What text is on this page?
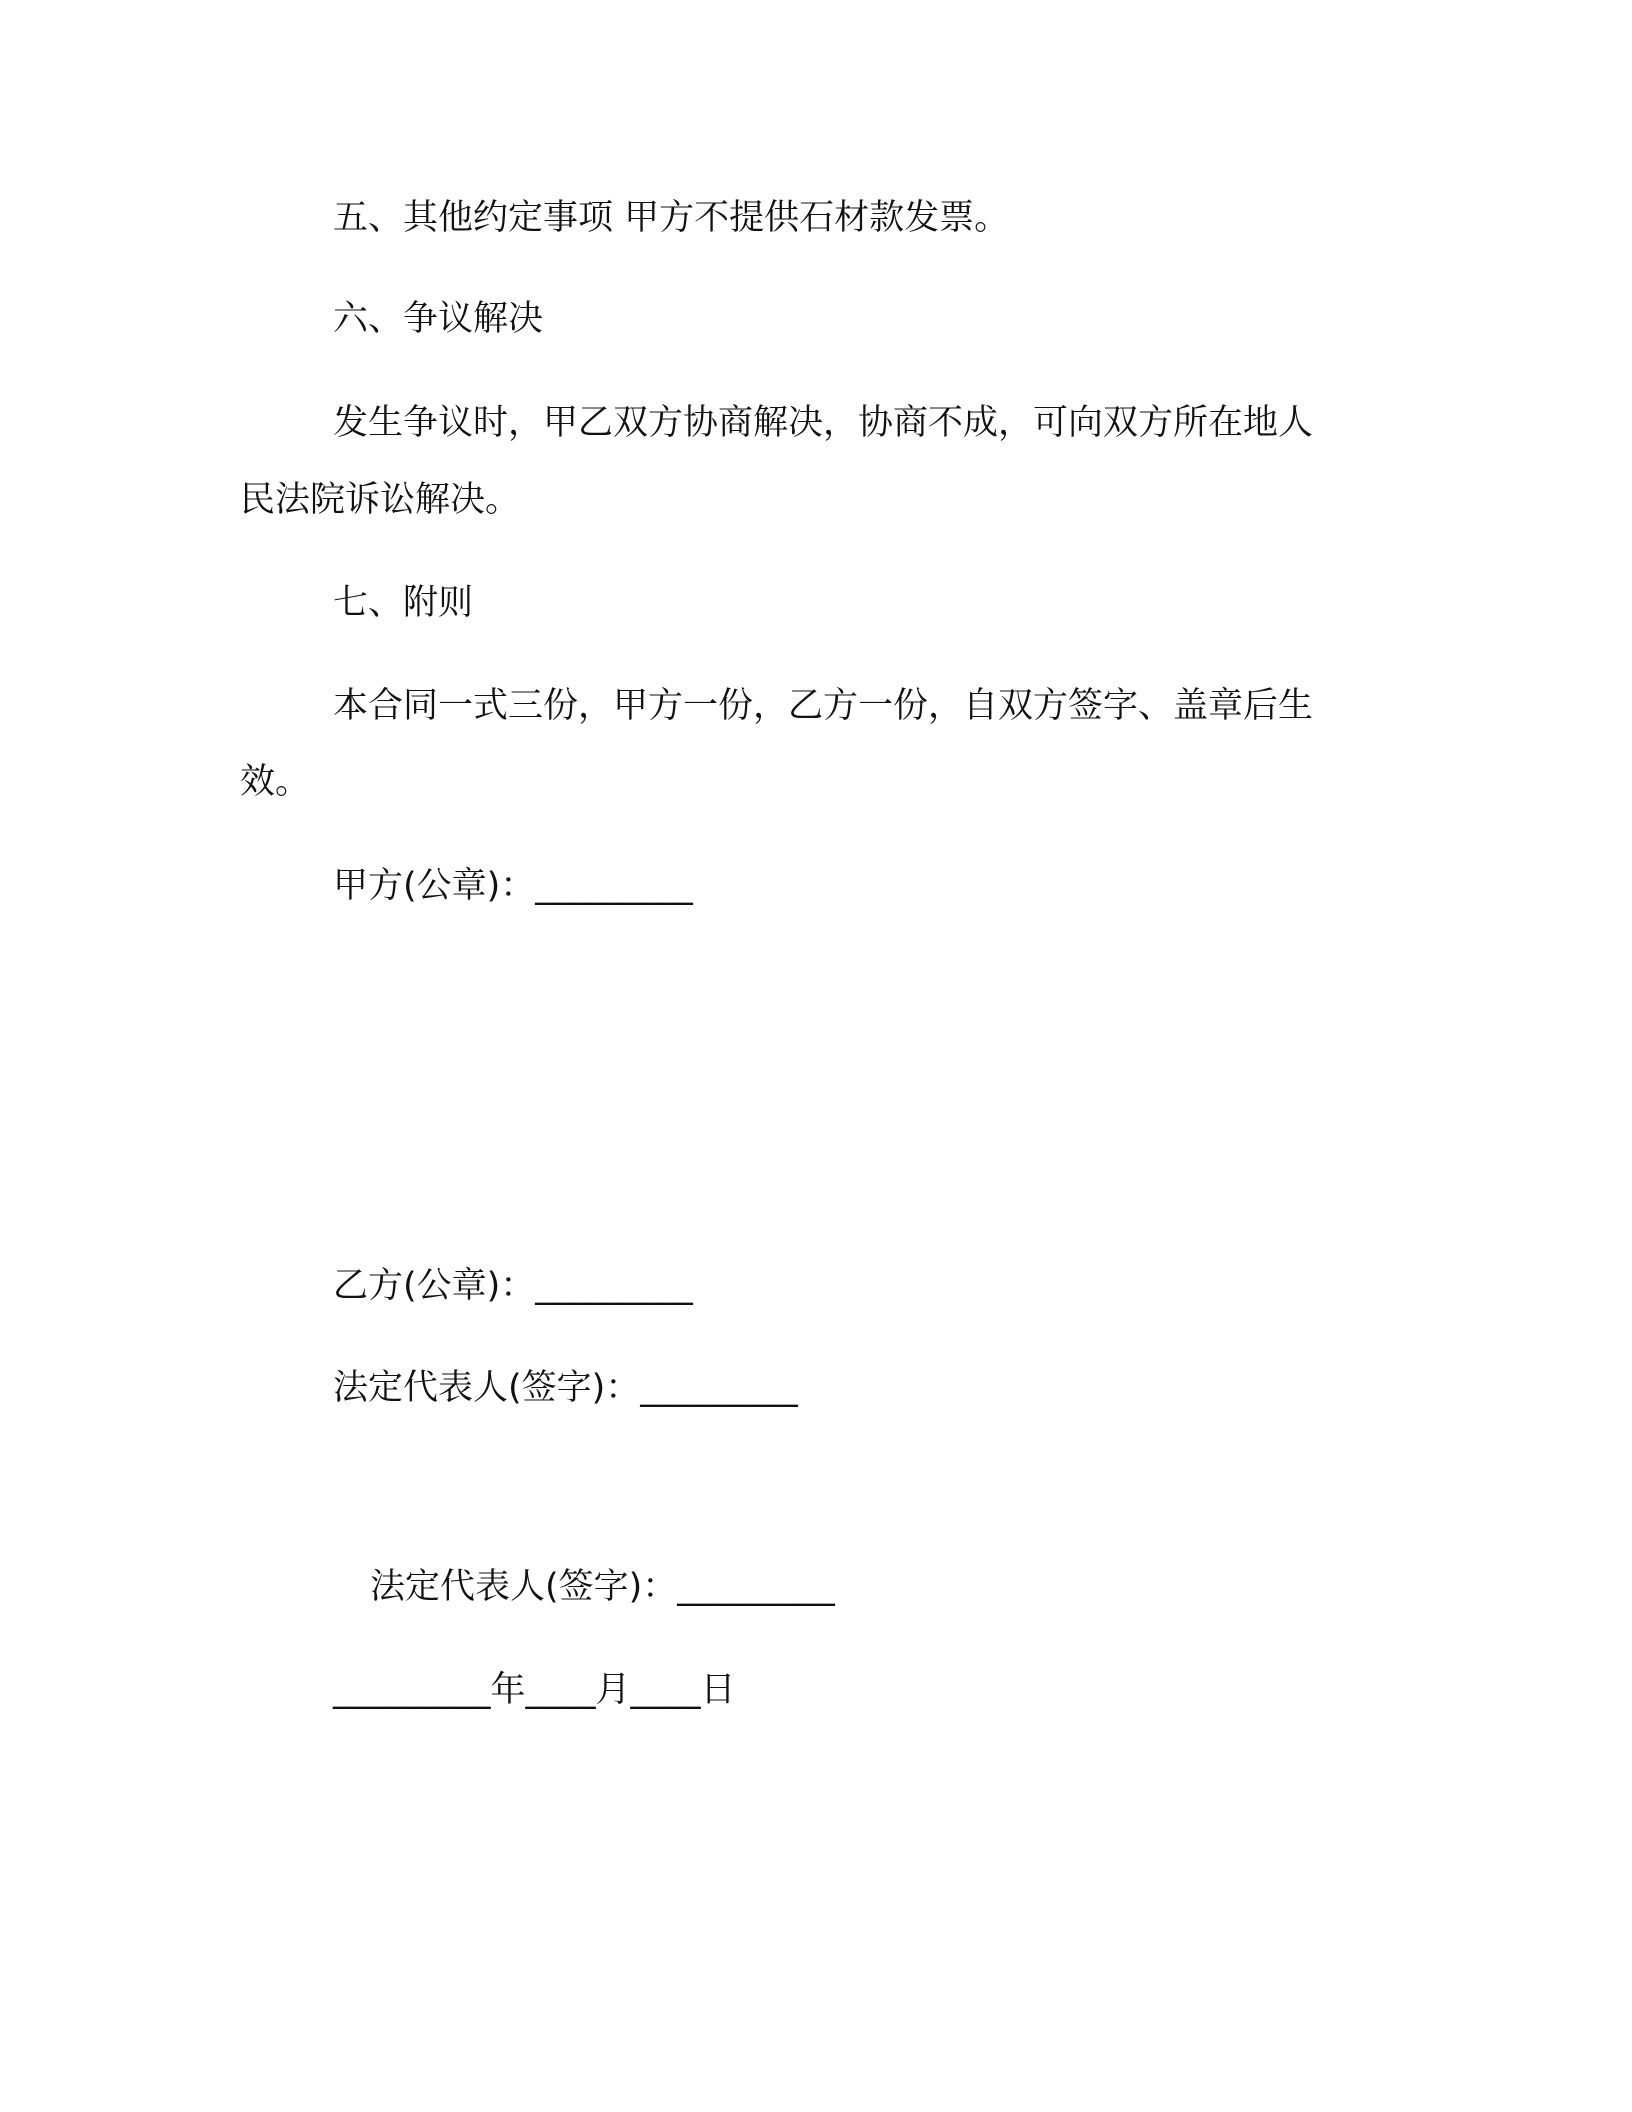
五、其他约定事项 甲方不提供石材款发票。
六、争议解决
发生争议时，甲乙双方协商解决，协商不成，可向双方所在地人
民法院诉讼解决。
七、附则
本合同一式三份，甲方一份，乙方一份，自双方签字、盖章后生
效。
甲方(公章)：_________
乙方(公章)：_________
法定代表人(签字)：_________
法定代表人(签字)：_________
_________年____月____日
